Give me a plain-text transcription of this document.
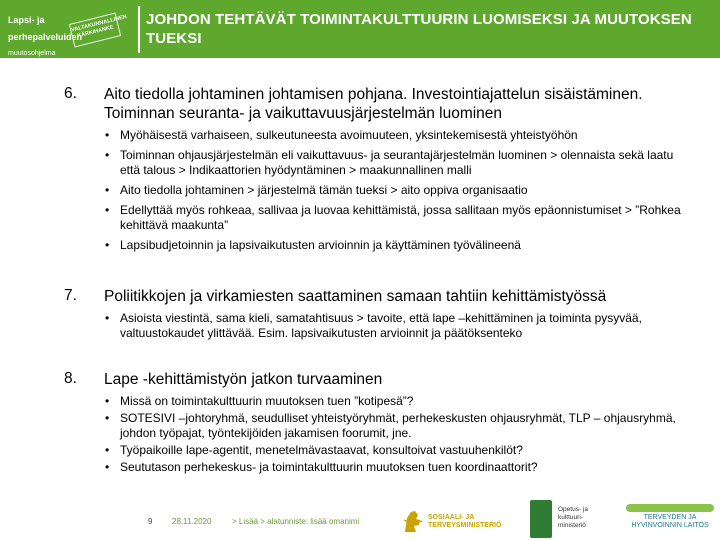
Lapsi- ja

perhepalveluiden

muutosohjelma

VALTAKUNNALLINEN KÄRKIHANKE
JOHDON TEHTÄVÄT TOIMINTAKULTTUURIN LUOMISEKSI JA MUUTOKSEN TUEKSI
6. Aito tiedolla johtaminen johtamisen pohjana. Investointiajattelun sisäistäminen. Toiminnan seuranta- ja vaikuttavuusjärjestelmän luominen
• Myöhäisestä varhaiseen, sulkeutuneesta avoimuuteen, yksintekemisestä yhteistyöhön
• Toiminnan ohjausjärjestelmän eli vaikuttavuus- ja seurantajärjestelmän luominen > olennaista sekä laatu että talous > Indikaattorien hyödyntäminen > maakunnallinen malli
• Aito tiedolla johtaminen > järjestelmä tämän tueksi > aito oppiva organisaatio
• Edellyttää myös rohkeaa, sallivaa ja luovaa kehittämistä, jossa sallitaan myös epäonnistumiset > ”Rohkea kehittävä maakunta”
• Lapsibudjetoinnin ja lapsivaikutusten arvioinnin ja käyttäminen työvälineenä
7. Poliitikkojen ja virkamiesten saattaminen samaan tahtiin kehittämistyössä
• Asioista viestintä, sama kieli, samatahtisuus > tavoite, että lape –kehittäminen ja toiminta pysyvää, valtuustokaudet ylittävää. Esim. lapsivaikutusten arvioinnit ja päätöksenteko
8. Lape -kehittämistyön jatkon turvaaminen
• Missä on toimintakulttuurin muutoksen tuen ”kotipesä”?
• SOTESIVI –johtoryhmä, seudulliset yhteistyöryhmät, perhekeskusten ohjausryhmät, TLP – ohjausryhmä, johdon työpajat, työntekijöiden jakamisen foorumit, jne.
• Työpaikoille lape-agentit, menetelmävastaavat, konsultoivat vastuuhenkilöt?
• Seututason perhekeskus- ja toimintakulttuurin muutoksen tuen koordinaattorit?
9 28.11.2020	> Lisää > alatunniste: lisää omanimi	SOSIAALI- JA
TERVEYSMINISTERIÖ
Opetus- ja
kulttuuri-
ministeriö
TERVEYDEN JA
HYVINVOINNIN LAITOS
